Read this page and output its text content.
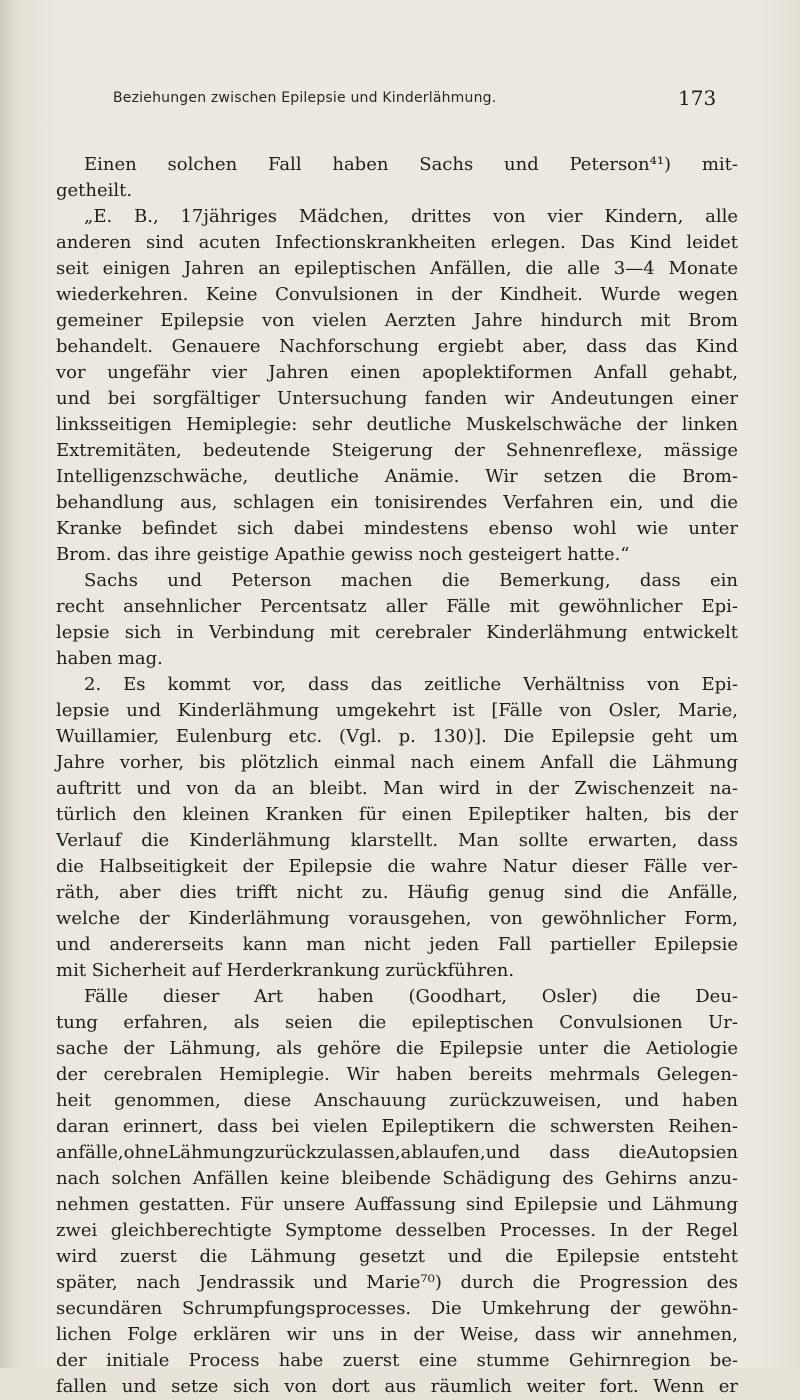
Beziehungen zwischen Epilepsie und Kinderlähmung.	173
Einen solchen Fall haben Sachs und Peterson⁴¹) mit-
getheilt.
„E. B., 17jähriges Mädchen, drittes von vier Kindern, alle
anderen sind acuten Infectionskrankheiten erlegen. Das Kind leidet
seit einigen Jahren an epileptischen Anfällen, die alle 3—4 Monate
wiederkehren. Keine Convulsionen in der Kindheit. Wurde wegen
gemeiner Epilepsie von vielen Aerzten Jahre hindurch mit Brom
behandelt. Genauere Nachforschung ergiebt aber, dass das Kind
vor ungefähr vier Jahren einen apoplektiformen Anfall gehabt,
und bei sorgfältiger Untersuchung fanden wir Andeutungen einer
linksseitigen Hemiplegie: sehr deutliche Muskelschwäche der linken
Extremitäten, bedeutende Steigerung der Sehnenreflexe, mässige
Intelligenzschwäche, deutliche Anämie. Wir setzen die Brom-
behandlung aus, schlagen ein tonisirendes Verfahren ein, und die
Kranke befindet sich dabei mindestens ebenso wohl wie unter
Brom. das ihre geistige Apathie gewiss noch gesteigert hatte.“
Sachs und Peterson machen die Bemerkung, dass ein
recht ansehnlicher Percentsatz aller Fälle mit gewöhnlicher Epi-
lepsie sich in Verbindung mit cerebraler Kinderlähmung entwickelt
haben mag.
2. Es kommt vor, dass das zeitliche Verhältniss von Epi-
lepsie und Kinderlähmung umgekehrt ist [Fälle von Osler, Marie,
Wuillamier, Eulenburg etc. (Vgl. p. 130)]. Die Epilepsie geht um
Jahre vorher, bis plötzlich einmal nach einem Anfall die Lähmung
auftritt und von da an bleibt. Man wird in der Zwischenzeit na-
türlich den kleinen Kranken für einen Epileptiker halten, bis der
Verlauf die Kinderlähmung klarstellt. Man sollte erwarten, dass
die Halbseitigkeit der Epilepsie die wahre Natur dieser Fälle ver-
räth, aber dies trifft nicht zu. Häufig genug sind die Anfälle,
welche der Kinderlähmung vorausgehen, von gewöhnlicher Form,
und andererseits kann man nicht jeden Fall partieller Epilepsie
mit Sicherheit auf Herderkrankung zurückführen.
Fälle dieser Art haben (Goodhart, Osler) die Deu-
tung erfahren, als seien die epileptischen Convulsionen Ur-
sache der Lähmung, als gehöre die Epilepsie unter die Aetiologie
der cerebralen Hemiplegie. Wir haben bereits mehrmals Gelegen-
heit genommen, diese Anschauung zurückzuweisen, und haben
daran erinnert, dass bei vielen Epileptikern die schwersten Reihen-
anfälle,ohneLähmungzurückzulassen,ablaufen,und dass dieAutopsien
nach solchen Anfällen keine bleibende Schädigung des Gehirns anzu-
nehmen gestatten. Für unsere Auffassung sind Epilepsie und Lähmung
zwei gleichberechtigte Symptome desselben Processes. In der Regel
wird zuerst die Lähmung gesetzt und die Epilepsie entsteht
später, nach Jendrassik und Marie⁷⁰) durch die Progression des
secundären Schrumpfungsprocesses. Die Umkehrung der gewöhn-
lichen Folge erklären wir uns in der Weise, dass wir annehmen,
der initiale Process habe zuerst eine stumme Gehirnregion be-
fallen und setze sich von dort aus räumlich weiter fort. Wenn er
